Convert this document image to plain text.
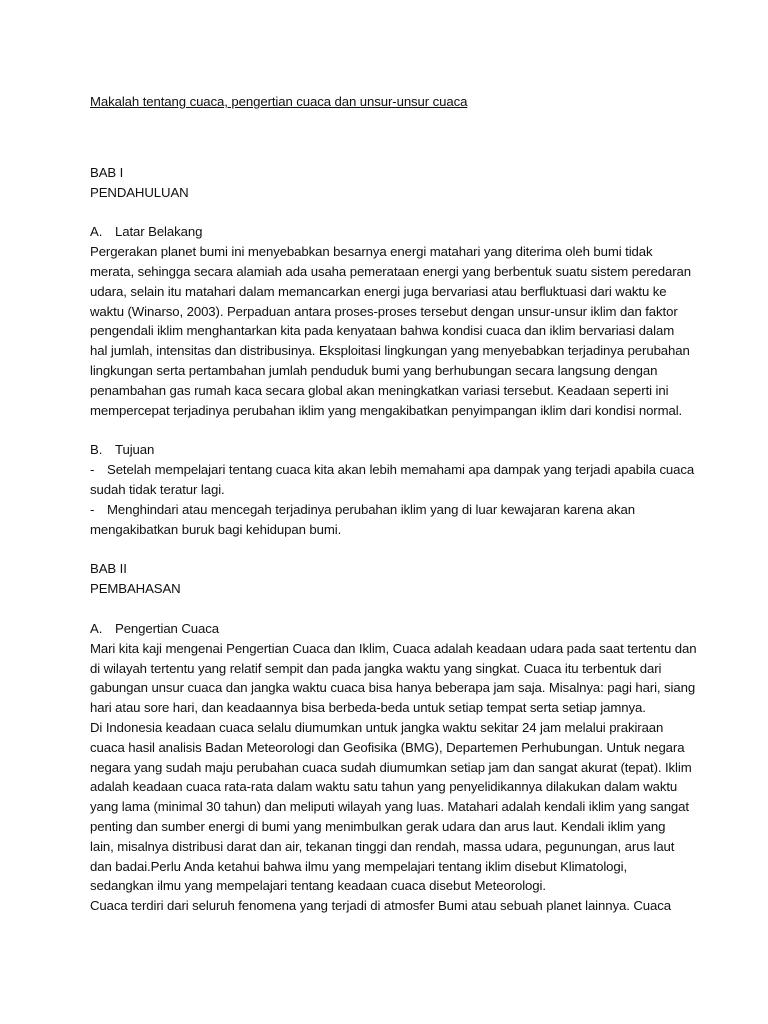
Makalah tentang cuaca, pengertian cuaca dan unsur-unsur cuaca

BAB I
PENDAHULUAN
A. Latar Belakang
Pergerakan planet bumi ini menyebabkan besarnya energi matahari yang diterima oleh bumi tidak
merata, sehingga secara alamiah ada usaha pemerataan energi yang berbentuk suatu sistem peredaran
udara, selain itu matahari dalam memancarkan energi juga bervariasi atau berfluktuasi dari waktu ke
waktu (Winarso, 2003). Perpaduan antara proses-proses tersebut dengan unsur-unsur iklim dan faktor
pengendali iklim menghantarkan kita pada kenyataan bahwa kondisi cuaca dan iklim bervariasi dalam
hal jumlah, intensitas dan distribusinya. Eksploitasi lingkungan yang menyebabkan terjadinya perubahan
lingkungan serta pertambahan jumlah penduduk bumi yang berhubungan secara langsung dengan
penambahan gas rumah kaca secara global akan meningkatkan variasi tersebut. Keadaan seperti ini
mempercepat terjadinya perubahan iklim yang mengakibatkan penyimpangan iklim dari kondisi normal.
B. Tujuan
- Setelah mempelajari tentang cuaca kita akan lebih memahami apa dampak yang terjadi apabila cuaca
sudah tidak teratur lagi.
- Menghindari atau mencegah terjadinya perubahan iklim yang di luar kewajaran karena akan
mengakibatkan buruk bagi kehidupan bumi.
BAB II
PEMBAHASAN
A. Pengertian Cuaca
Mari kita kaji mengenai Pengertian Cuaca dan Iklim, Cuaca adalah keadaan udara pada saat tertentu dan
di wilayah tertentu yang relatif sempit dan pada jangka waktu yang singkat. Cuaca itu terbentuk dari
gabungan unsur cuaca dan jangka waktu cuaca bisa hanya beberapa jam saja. Misalnya: pagi hari, siang
hari atau sore hari, dan keadaannya bisa berbeda-beda untuk setiap tempat serta setiap jamnya.
Di Indonesia keadaan cuaca selalu diumumkan untuk jangka waktu sekitar 24 jam melalui prakiraan
cuaca hasil analisis Badan Meteorologi dan Geofisika (BMG), Departemen Perhubungan. Untuk negara
negara yang sudah maju perubahan cuaca sudah diumumkan setiap jam dan sangat akurat (tepat). Iklim
adalah keadaan cuaca rata-rata dalam waktu satu tahun yang penyelidikannya dilakukan dalam waktu
yang lama (minimal 30 tahun) dan meliputi wilayah yang luas. Matahari adalah kendali iklim yang sangat
penting dan sumber energi di bumi yang menimbulkan gerak udara dan arus laut. Kendali iklim yang
lain, misalnya distribusi darat dan air, tekanan tinggi dan rendah, massa udara, pegunungan, arus laut
dan badai.Perlu Anda ketahui bahwa ilmu yang mempelajari tentang iklim disebut Klimatologi,
sedangkan ilmu yang mempelajari tentang keadaan cuaca disebut Meteorologi.
Cuaca terdiri dari seluruh fenomena yang terjadi di atmosfer Bumi atau sebuah planet lainnya. Cuaca
